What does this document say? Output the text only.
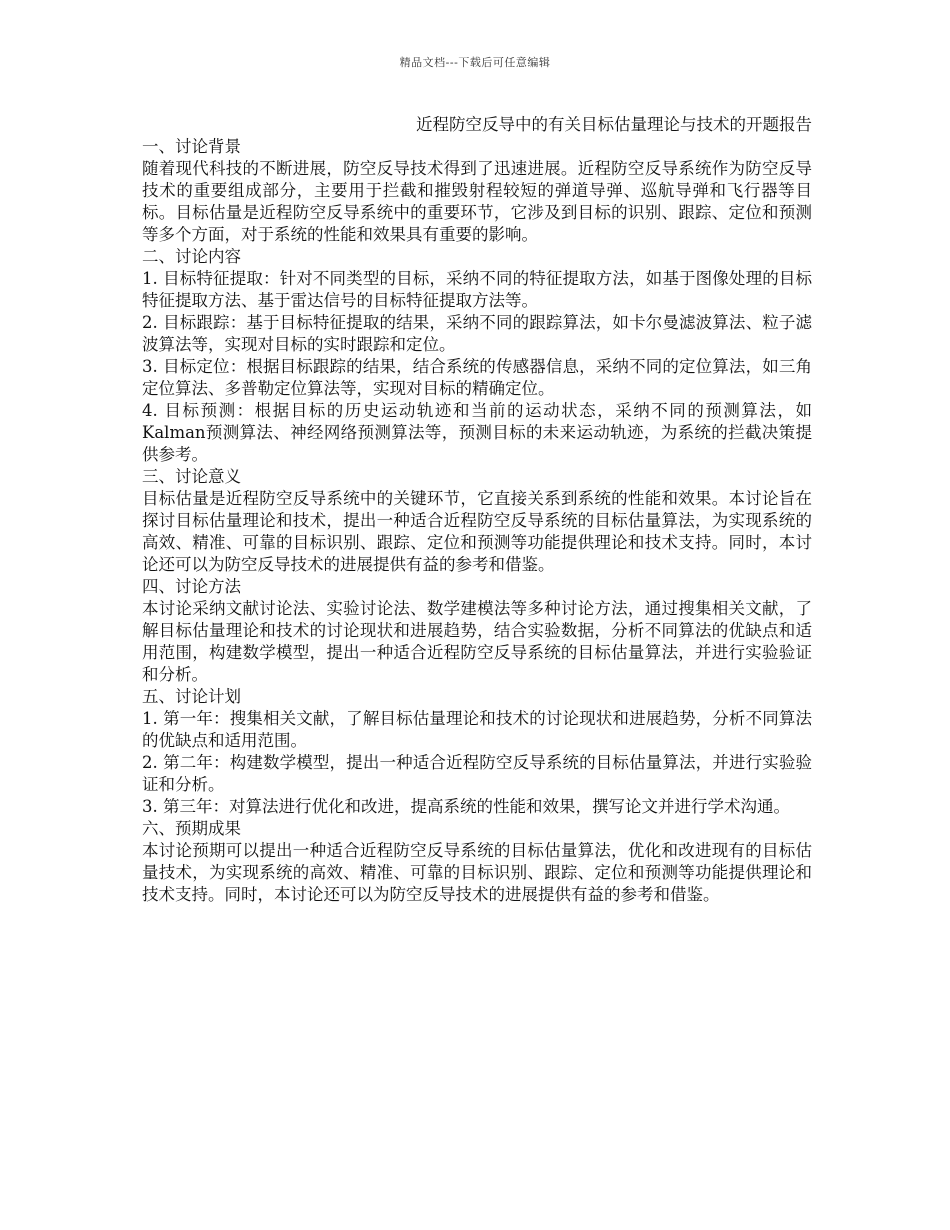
精品文档---下载后可任意编辑

近程防空反导中的有关目标估量理论与技术的开题报告

一、讨论背景

随着现代科技的不断进展，防空反导技术得到了迅速进展。近程防空反导系统作为防空反导技术的重要组成部分，主要用于拦截和摧毁射程较短的弹道导弹、巡航导弹和飞行器等目标。目标估量是近程防空反导系统中的重要环节，它涉及到目标的识别、跟踪、定位和预测等多个方面，对于系统的性能和效果具有重要的影响。

二、讨论内容

1. 目标特征提取：针对不同类型的目标，采纳不同的特征提取方法，如基于图像处理的目标特征提取方法、基于雷达信号的目标特征提取方法等。

2. 目标跟踪：基于目标特征提取的结果，采纳不同的跟踪算法，如卡尔曼滤波算法、粒子滤波算法等，实现对目标的实时跟踪和定位。

3. 目标定位：根据目标跟踪的结果，结合系统的传感器信息，采纳不同的定位算法，如三角定位算法、多普勒定位算法等，实现对目标的精确定位。

4. 目标预测：根据目标的历史运动轨迹和当前的运动状态，采纳不同的预测算法，如Kalman预测算法、神经网络预测算法等，预测目标的未来运动轨迹，为系统的拦截决策提供参考。

三、讨论意义

目标估量是近程防空反导系统中的关键环节，它直接关系到系统的性能和效果。本讨论旨在探讨目标估量理论和技术，提出一种适合近程防空反导系统的目标估量算法，为实现系统的高效、精准、可靠的目标识别、跟踪、定位和预测等功能提供理论和技术支持。同时，本讨论还可以为防空反导技术的进展提供有益的参考和借鉴。

四、讨论方法

本讨论采纳文献讨论法、实验讨论法、数学建模法等多种讨论方法，通过搜集相关文献，了解目标估量理论和技术的讨论现状和进展趋势，结合实验数据，分析不同算法的优缺点和适用范围，构建数学模型，提出一种适合近程防空反导系统的目标估量算法，并进行实验验证和分析。

五、讨论计划

1. 第一年：搜集相关文献，了解目标估量理论和技术的讨论现状和进展趋势，分析不同算法的优缺点和适用范围。

2. 第二年：构建数学模型，提出一种适合近程防空反导系统的目标估量算法，并进行实验验证和分析。

3. 第三年：对算法进行优化和改进，提高系统的性能和效果，撰写论文并进行学术沟通。

六、预期成果

本讨论预期可以提出一种适合近程防空反导系统的目标估量算法，优化和改进现有的目标估量技术，为实现系统的高效、精准、可靠的目标识别、跟踪、定位和预测等功能提供理论和技术支持。同时，本讨论还可以为防空反导技术的进展提供有益的参考和借鉴。
